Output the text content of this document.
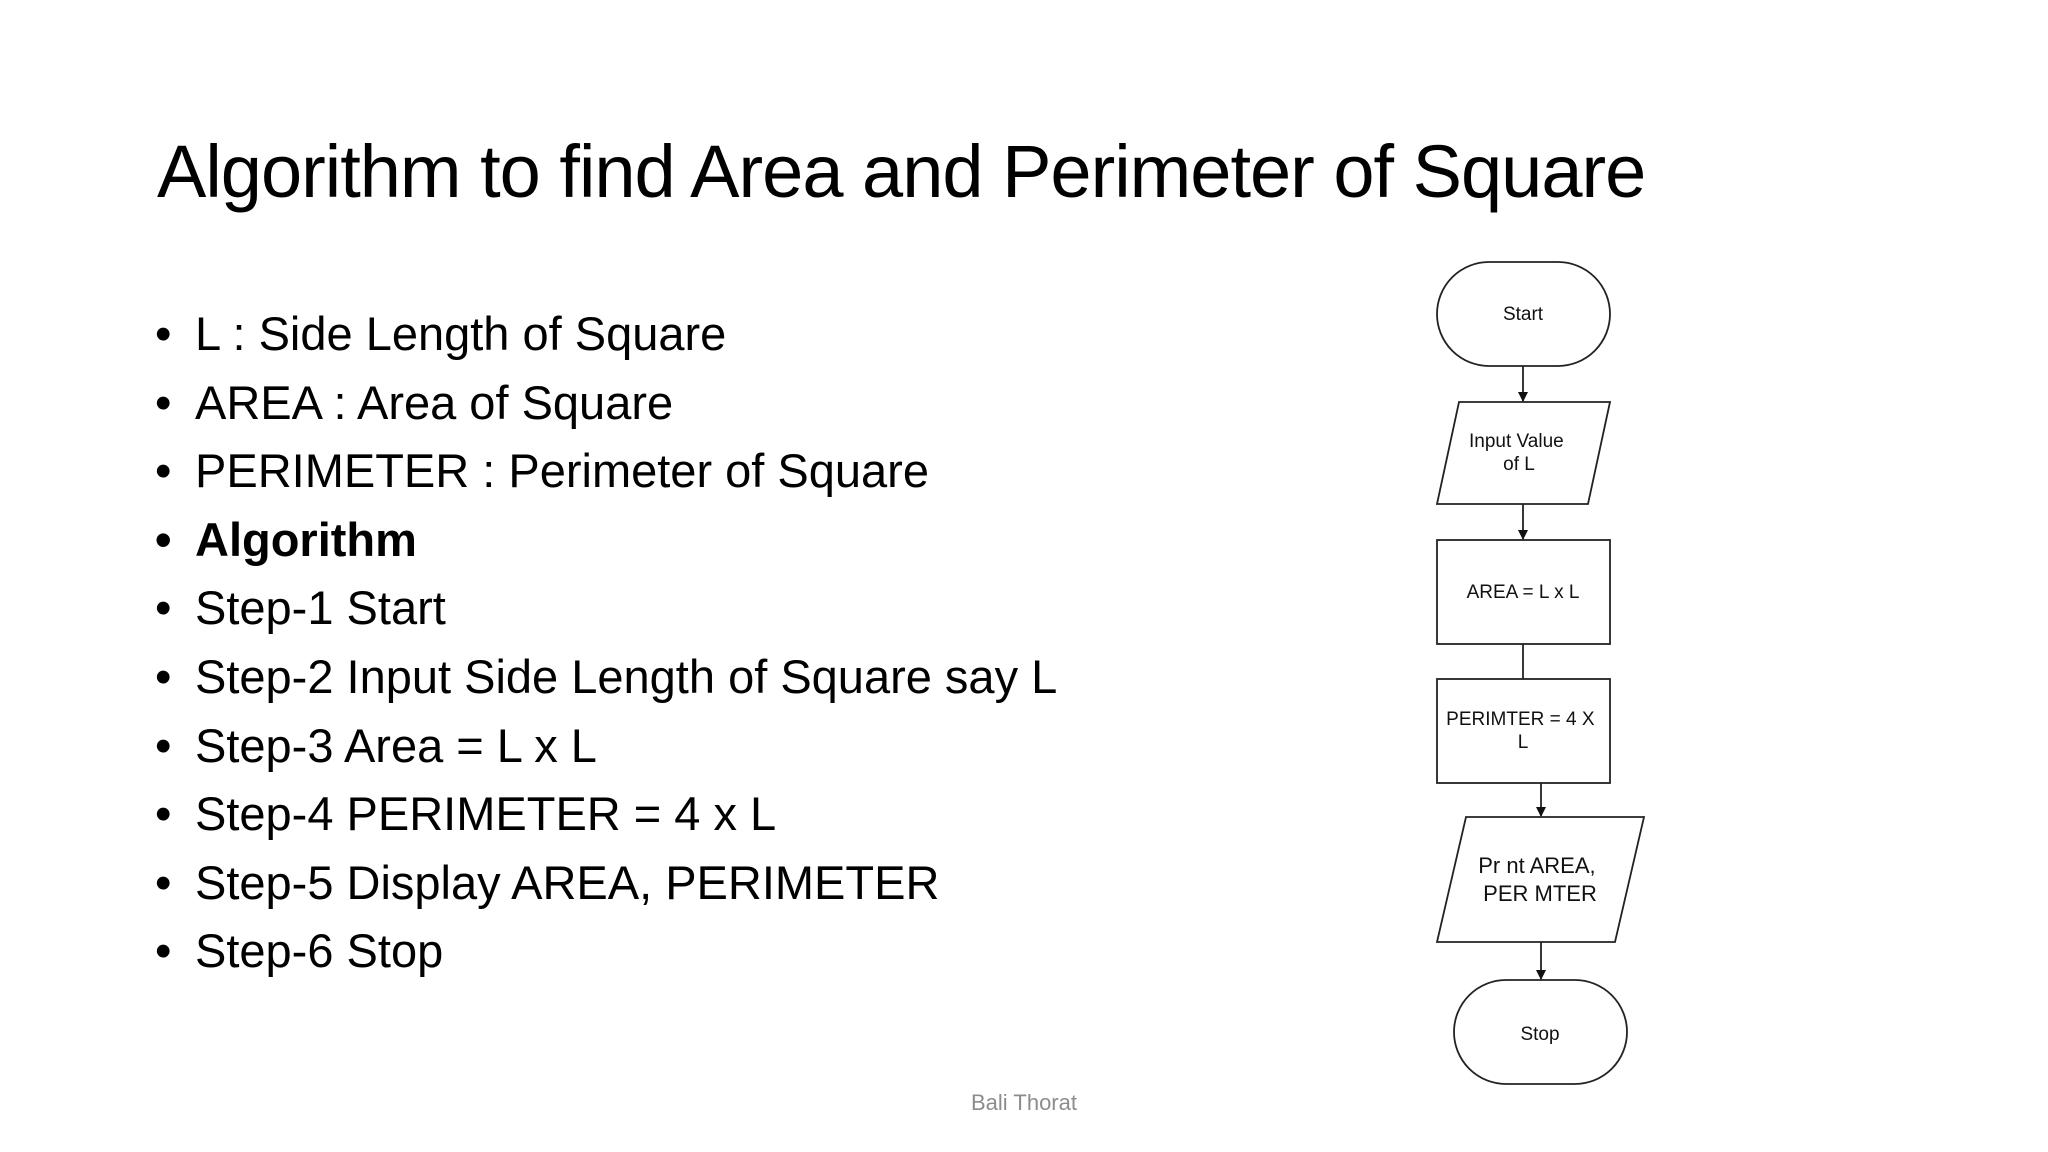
Algorithm to find Area and Perimeter of Square
• L : Side Length of Square
• AREA : Area of Square
• PERIMETER : Perimeter of Square
• Algorithm
• Step-1 Start
• Step-2 Input Side Length of Square say L
• Step-3 Area = L x L
• Step-4 PERIMETER = 4 x L
• Step-5 Display AREA, PERIMETER
• Step-6 Stop
Start
Input Value of L
AREA = L x L
PERIMTER = 4 X L
Pr nt AREA, PER MTER
Stop
Bali Thorat
